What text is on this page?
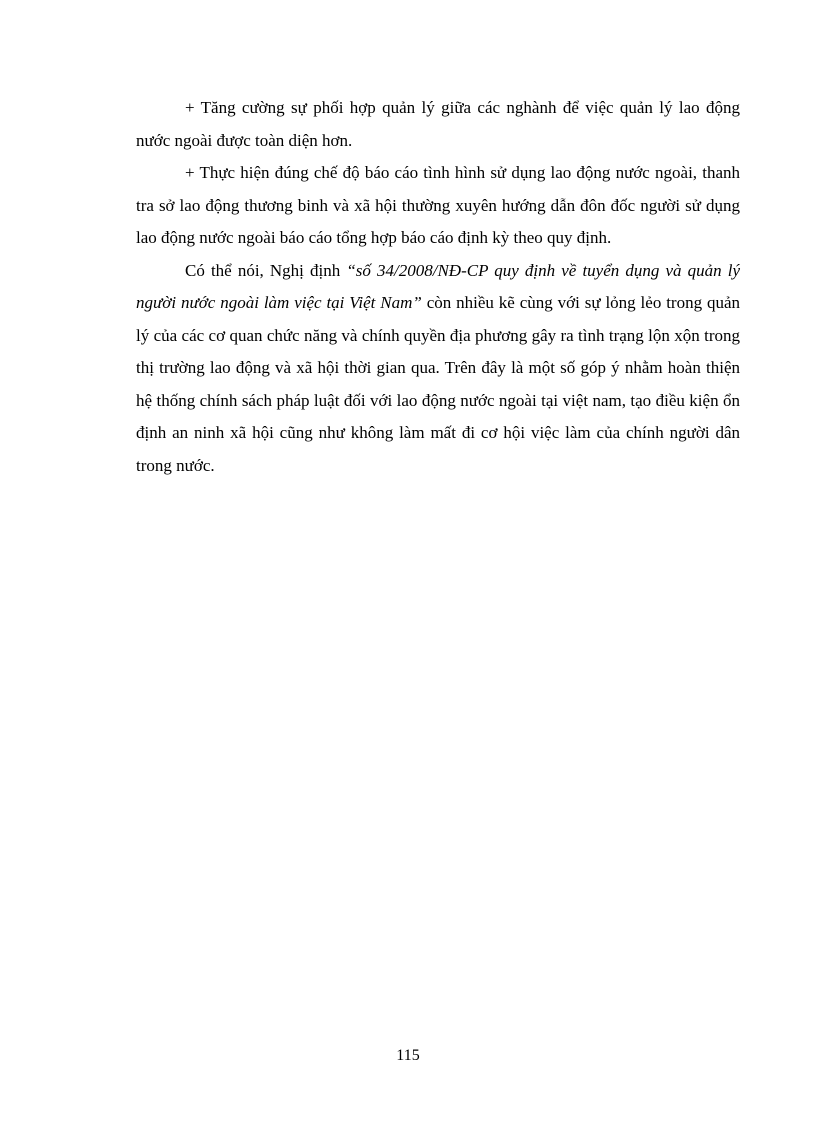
+ Tăng cường sự phối hợp quản lý giữa các nghành để việc quản lý lao động nước ngoài được toàn diện hơn.

+ Thực hiện đúng chế độ báo cáo tình hình sử dụng lao động nước ngoài, thanh tra sở lao động thương binh và xã hội thường xuyên hướng dẫn đôn đốc người sử dụng lao động nước ngoài báo cáo tổng hợp báo cáo định kỳ theo quy định.

Có thể nói, Nghị định “số 34/2008/NĐ-CP quy định về tuyển dụng và quản lý người nước ngoài làm việc tại Việt Nam” còn nhiều kẽ cùng với sự lỏng lẻo trong quản lý của các cơ quan chức năng và chính quyền địa phương gây ra tình trạng lộn xộn trong thị trường lao động và xã hội thời gian qua. Trên đây là một số góp ý nhằm hoàn thiện hệ thống chính sách pháp luật đối với lao động nước ngoài tại việt nam, tạo điều kiện ổn định an ninh xã hội cũng như không làm mất đi cơ hội việc làm của chính người dân trong nước.

115
